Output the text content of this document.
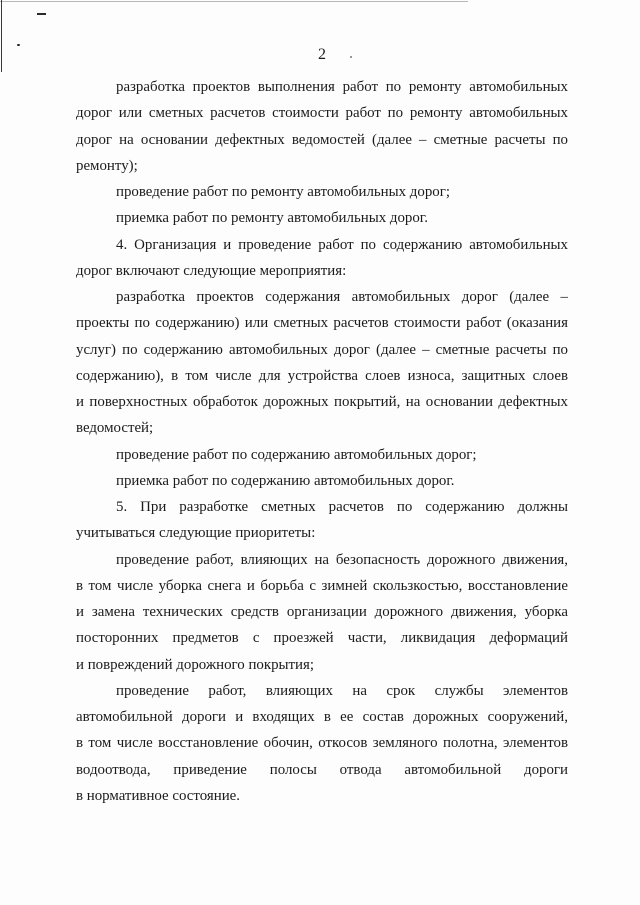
2
разработка проектов выполнения работ по ремонту автомобильных
дорог или сметных расчетов стоимости работ по ремонту автомобильных
дорог на основании дефектных ведомостей (далее – сметные расчеты по
ремонту);
проведение работ по ремонту автомобильных дорог;
приемка работ по ремонту автомобильных дорог.
4. Организация и проведение работ по содержанию автомобильных
дорог включают следующие мероприятия:
разработка проектов содержания автомобильных дорог (далее –
проекты по содержанию) или сметных расчетов стоимости работ (оказания
услуг) по содержанию автомобильных дорог (далее – сметные расчеты по
содержанию), в том числе для устройства слоев износа, защитных слоев
и поверхностных обработок дорожных покрытий, на основании дефектных
ведомостей;
проведение работ по содержанию автомобильных дорог;
приемка работ по содержанию автомобильных дорог.
5. При разработке сметных расчетов по содержанию должны
учитываться следующие приоритеты:
проведение работ, влияющих на безопасность дорожного движения,
в том числе уборка снега и борьба с зимней скользкостью, восстановление
и замена технических средств организации дорожного движения, уборка
посторонних предметов с проезжей части, ликвидация деформаций
и повреждений дорожного покрытия;
проведение работ, влияющих на срок службы элементов
автомобильной дороги и входящих в ее состав дорожных сооружений,
в том числе восстановление обочин, откосов земляного полотна, элементов
водоотвода, приведение полосы отвода автомобильной дороги
в нормативное состояние.
